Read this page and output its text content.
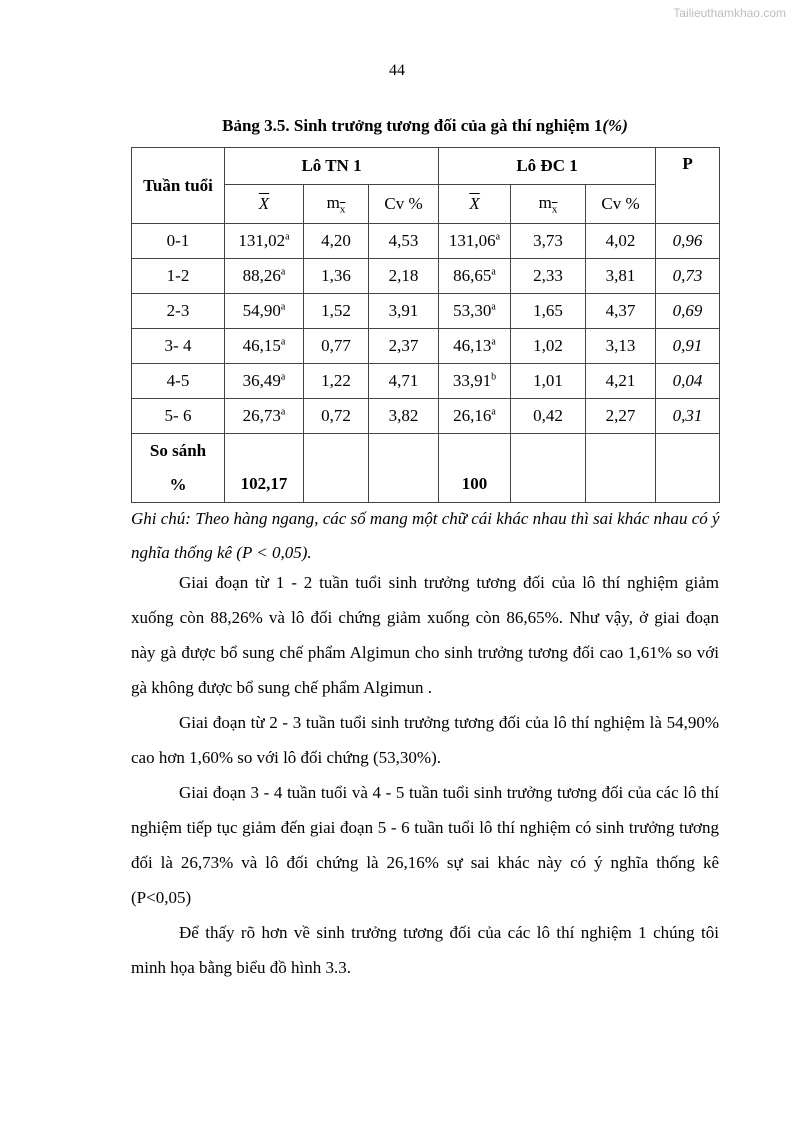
Tailieuthamkhao.com
44
Bảng 3.5. Sinh trưởng tương đối của gà thí nghiệm 1(%)
Tuần tuổi	Lô TN 1			Lô ĐC 1			P
	$\overline{X}$	$m_{\overline{x}}$	Cv %	$\overline{X}$	$m_{\overline{x}}$	Cv %	
0-1	131,02$^a$	4,20	4,53	131,06$^a$	3,73	4,02	0,96
1-2	88,26$^a$	1,36	2,18	86,65$^a$	2,33	3,81	0,73
2-3	54,90$^a$	1,52	3,91	53,30$^a$	1,65	4,37	0,69
3- 4	46,15$^a$	0,77	2,37	46,13$^a$	1,02	3,13	0,91
4-5	36,49$^a$	1,22	4,71	33,91$^b$	1,01	4,21	0,04
5- 6	26,73$^a$	0,72	3,82	26,16$^a$	0,42	2,27	0,31
So sánh
%	102,17			100			
Ghi chú: Theo hàng ngang, các số mang một chữ cái khác nhau thì sai khác nhau có ý nghĩa thống kê (P < 0,05).

Giai đoạn từ 1 - 2 tuần tuổi sinh trưởng tương đối của lô thí nghiệm giảm xuống còn 88,26% và lô đối chứng giảm xuống còn 86,65%. Như vậy, ở giai đoạn này gà được bổ sung chế phẩm Algimun cho sinh trưởng tương đối cao 1,61% so với gà không được bổ sung chế phẩm Algimun .

Giai đoạn từ 2 - 3 tuần tuổi sinh trưởng tương đối của lô thí nghiệm là 54,90% cao hơn 1,60% so với lô đối chứng (53,30%).

Giai đoạn 3 - 4 tuần tuổi và 4 - 5 tuần tuổi sinh trưởng tương đối của các lô thí nghiệm tiếp tục giảm đến giai đoạn 5 - 6 tuần tuổi lô thí nghiệm có sinh trưởng tương đối là 26,73% và lô đối chứng là 26,16% sự sai khác này có ý nghĩa thống kê (P<0,05)

Để thấy rõ hơn về sinh trưởng tương đối của các lô thí nghiệm 1 chúng tôi minh họa bằng biểu đồ hình 3.3.
